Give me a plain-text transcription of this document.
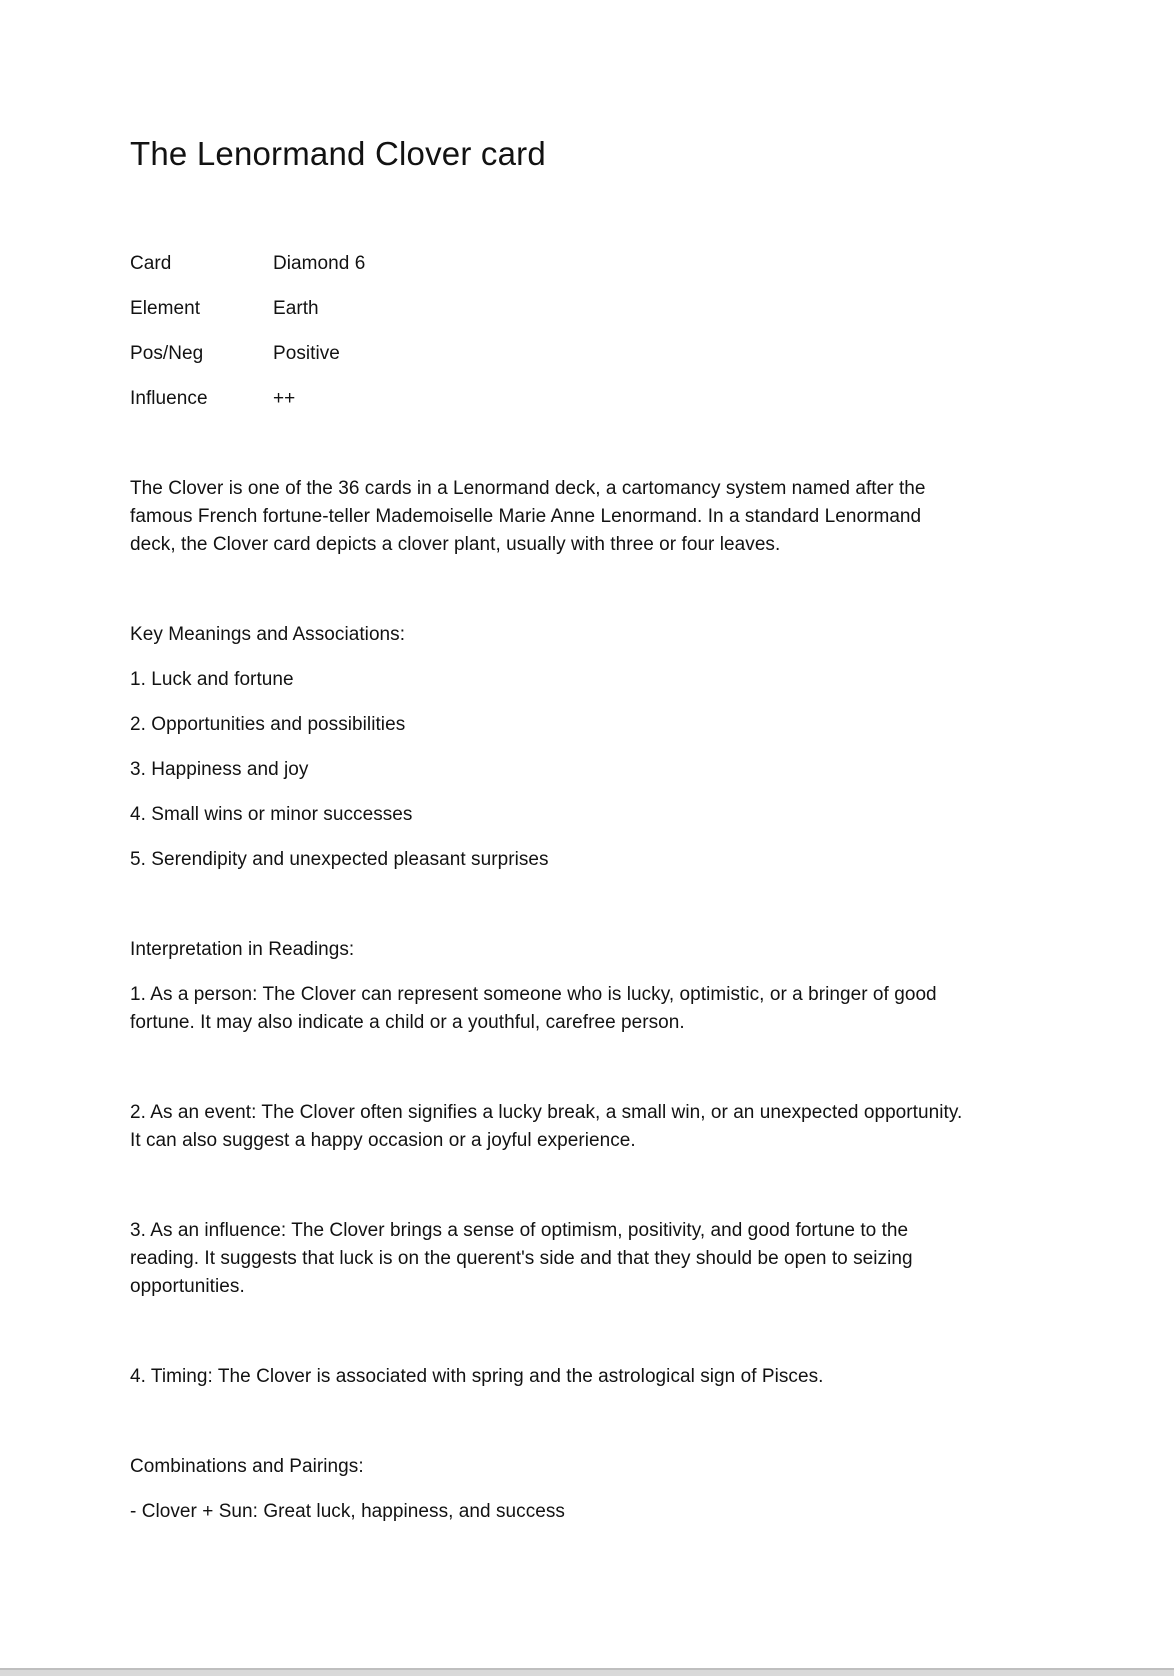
The Lenormand Clover card
Card	Diamond 6
Element	Earth
Pos/Neg	Positive
Influence	++

The Clover is one of the 36 cards in a Lenormand deck, a cartomancy system named after the famous French fortune-teller Mademoiselle Marie Anne Lenormand. In a standard Lenormand deck, the Clover card depicts a clover plant, usually with three or four leaves.

Key Meanings and Associations:

1. Luck and fortune

2. Opportunities and possibilities

3. Happiness and joy

4. Small wins or minor successes

5. Serendipity and unexpected pleasant surprises

Interpretation in Readings:

1. As a person: The Clover can represent someone who is lucky, optimistic, or a bringer of good fortune. It may also indicate a child or a youthful, carefree person.

2. As an event: The Clover often signifies a lucky break, a small win, or an unexpected opportunity. It can also suggest a happy occasion or a joyful experience.

3. As an influence: The Clover brings a sense of optimism, positivity, and good fortune to the reading. It suggests that luck is on the querent's side and that they should be open to seizing opportunities.

4. Timing: The Clover is associated with spring and the astrological sign of Pisces.

Combinations and Pairings:

- Clover + Sun: Great luck, happiness, and success
